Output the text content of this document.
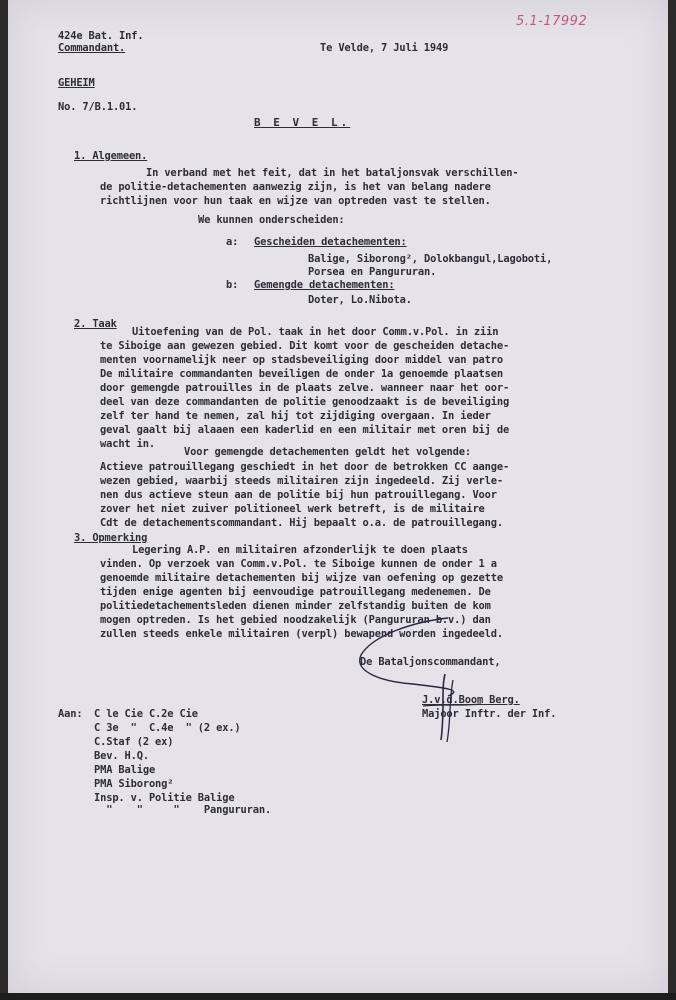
5.1-17992

424e Bat. Inf.

Commandant.	Te Velde, 7 Juli 1949

GEHEIM

No. 7/B.1.01.

B E V E L.

1. Algemeen.

In verband met het feit, dat in het bataljonsvak verschillen-

de politie-detachementen aanwezig zijn, is het van belang nadere

richtlijnen voor hun taak en wijze van optreden vast te stellen.

We kunnen onderscheiden:

a: Gescheiden detachementen:

Balige, Siborong², Dolokbangul,Lagoboti,

Porsea en Pangururan.

b: Gemengde detachementen:

Doter, Lo.Nibota.

2. Taak

Uitoefening van de Pol. taak in het door Comm.v.Pol. in ziin

te Siboige aan gewezen gebied. Dit komt voor de gescheiden detache-

menten voornamelijk neer op stadsbeveiliging door middel van patro

De militaire commandanten beveiligen de onder 1a genoemde plaatsen

door gemengde patrouilles in de plaats zelve. wanneer naar het oor-

deel van deze commandanten de politie genoodzaakt is de beveiliging

zelf ter hand te nemen, zal hij tot zijdiging overgaan. In ieder

geval gaalt bij alaaen een kaderlid en een militair met oren bij de

wacht in.

Voor gemengde detachementen geldt het volgende:

Actieve patrouillegang geschiedt in het door de betrokken CC aange-

wezen gebied, waarbij steeds militairen zijn ingedeeld. Zij verle-

nen dus actieve steun aan de politie bij hun patrouillegang. Voor

zover het niet zuiver politioneel werk betreft, is de militaire

Cdt de detachementscommandant. Hij bepaalt o.a. de patrouillegang.

3. Opmerking

Legering A.P. en militairen afzonderlijk te doen plaats

vinden. Op verzoek van Comm.v.Pol. te Siboige kunnen de onder 1 a

genoemde militaire detachementen bij wijze van oefening op gezette

tijden enige agenten bij eenvoudige patrouillegang medenemen. De

politiedetachementsleden dienen minder zelfstandig buiten de kom

mogen optreden. Is het gebied noodzakelijk (Pangururan b.v.) dan

zullen steeds enkele militairen (verpl) bewapend worden ingedeeld.

De Bataljonscommandant,

J.v.d.Boom Berg.

Majoor Inftr. der Inf.

Aan: C le Cie C.2e Cie

C 3e  "  C.4e  " (2 ex.)

C.Staf (2 ex)

Bev. H.Q.

PMA Balige

PMA Siborong²

Insp. v. Politie Balige

"    "     "    Pangururan.
